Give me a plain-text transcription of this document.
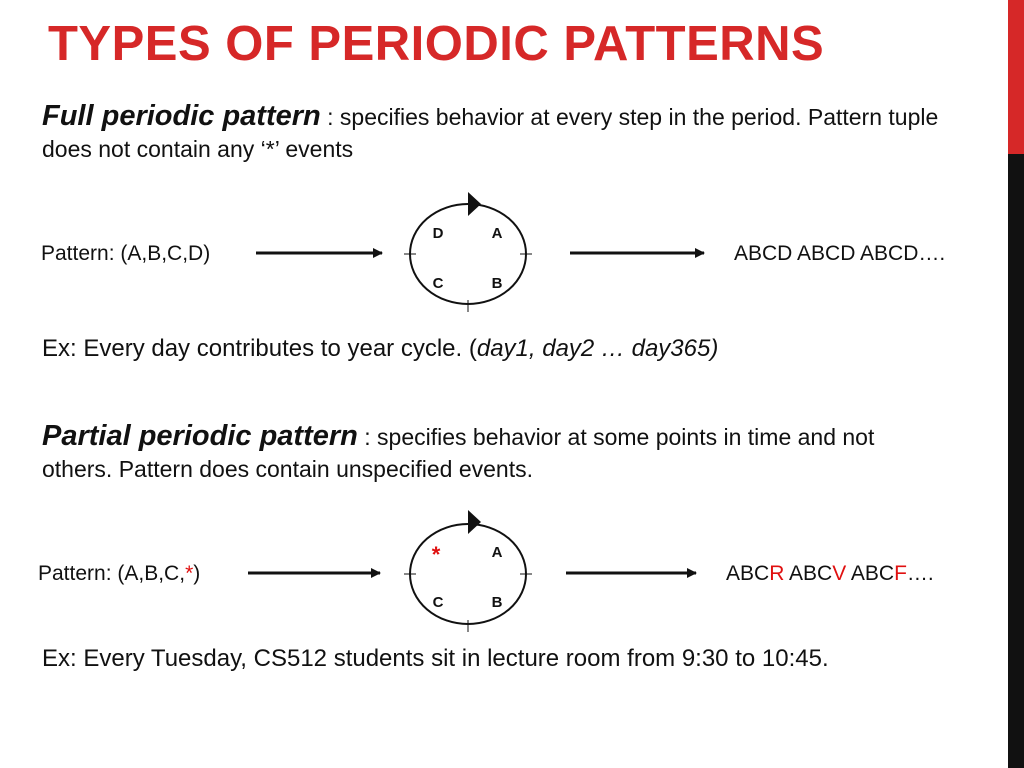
TYPES OF PERIODIC PATTERNS

Full periodic pattern : specifies behavior at every step in the period. Pattern tuple does not contain any ‘*’ events

Pattern: (A,B,C,D)
D	A
C	B
ABCD ABCD ABCD….

Ex: Every day contributes to year cycle. (day1, day2 … day365)

Partial periodic pattern : specifies behavior at some points in time and not others. Pattern does contain unspecified events.

Pattern: (A,B,C,*)
*	A
C	B
ABCR ABCV ABCF….

Ex: Every Tuesday, CS512 students sit in lecture room from 9:30 to 10:45.
